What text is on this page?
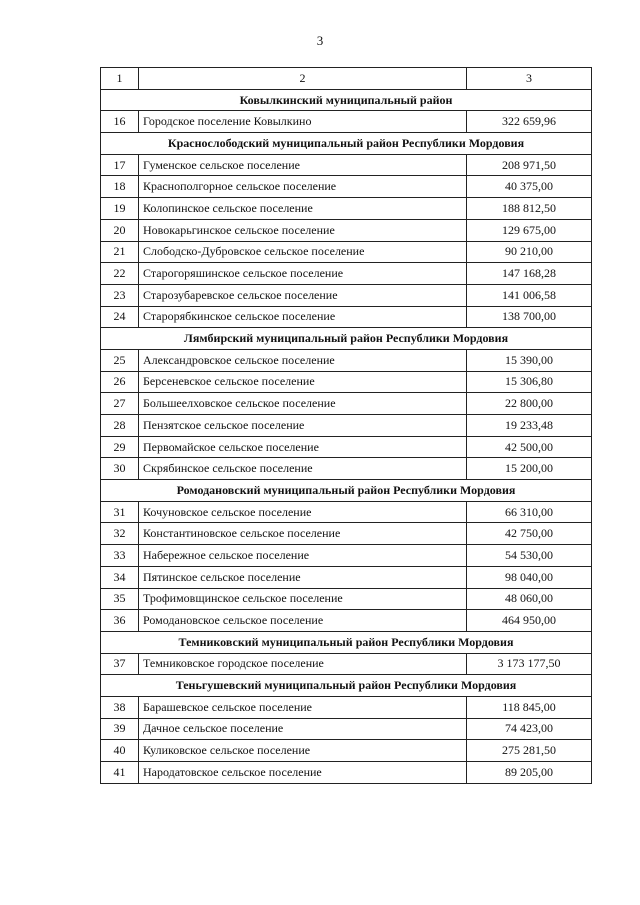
3
1	2	3
Ковылкинский муниципальный район		
16	Городское поселение Ковылкино	322 659,96
Краснослободский муниципальный район Республики Мордовия		
17	Гуменское сельское поселение	208 971,50
18	Краснополгорное сельское поселение	40 375,00
19	Колопинское сельское поселение	188 812,50
20	Новокарьгинское сельское поселение	129 675,00
21	Слободско-Дубровское сельское поселение	90 210,00
22	Старогоряшинское сельское поселение	147 168,28
23	Старозубаревское сельское поселение	141 006,58
24	Старорябкинское сельское поселение	138 700,00
Лямбирский муниципальный район Республики Мордовия		
25	Александровское сельское поселение	15 390,00
26	Берсеневское сельское поселение	15 306,80
27	Большеелховское сельское поселение	22 800,00
28	Пензятское сельское поселение	19 233,48
29	Первомайское сельское поселение	42 500,00
30	Скрябинское сельское поселение	15 200,00
Ромодановский муниципальный район Республики Мордовия		
31	Кочуновское сельское поселение	66 310,00
32	Константиновское сельское поселение	42 750,00
33	Набережное сельское поселение	54 530,00
34	Пятинское сельское поселение	98 040,00
35	Трофимовщинское сельское поселение	48 060,00
36	Ромодановское сельское поселение	464 950,00
Темниковский муниципальный район Республики Мордовия		
37	Темниковское городское поселение	3 173 177,50
Теньгушевский муниципальный район Республики Мордовия		
38	Барашевское сельское поселение	118 845,00
39	Дачное сельское поселение	74 423,00
40	Куликовское сельское поселение	275 281,50
41	Народатовское сельское поселение	89 205,00
